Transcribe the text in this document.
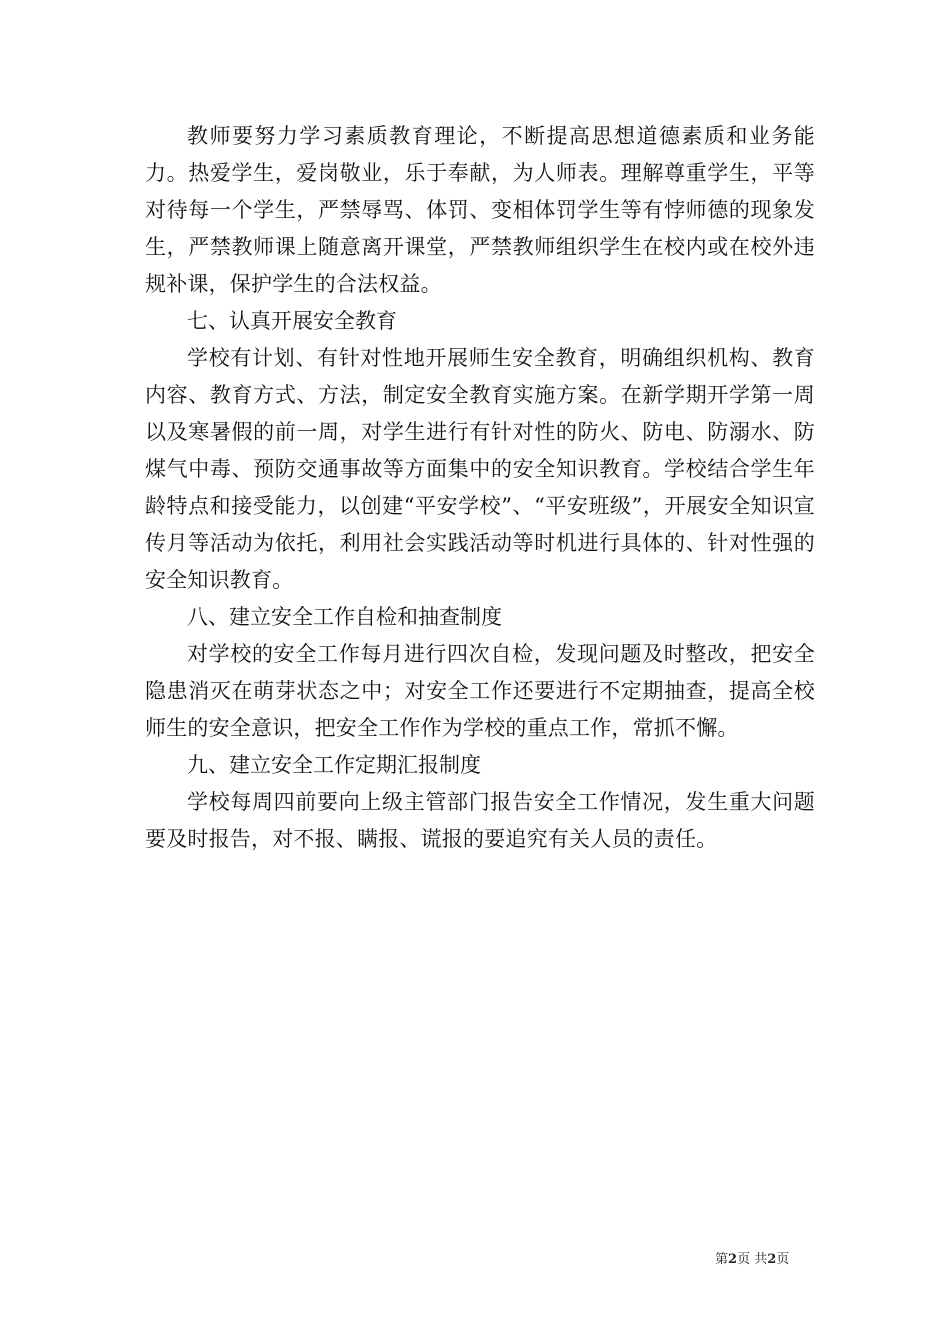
教师要努力学习素质教育理论，不断提高思想道德素质和业务能力。热爱学生，爱岗敬业，乐于奉献，为人师表。理解尊重学生，平等对待每一个学生，严禁辱骂、体罚、变相体罚学生等有悖师德的现象发生，严禁教师课上随意离开课堂，严禁教师组织学生在校内或在校外违规补课，保护学生的合法权益。

七、认真开展安全教育

学校有计划、有针对性地开展师生安全教育，明确组织机构、教育内容、教育方式、方法，制定安全教育实施方案。在新学期开学第一周以及寒暑假的前一周，对学生进行有针对性的防火、防电、防溺水、防煤气中毒、预防交通事故等方面集中的安全知识教育。学校结合学生年龄特点和接受能力，以创建“平安学校”、“平安班级”，开展安全知识宣传月等活动为依托，利用社会实践活动等时机进行具体的、针对性强的安全知识教育。

八、建立安全工作自检和抽查制度

对学校的安全工作每月进行四次自检，发现问题及时整改，把安全隐患消灭在萌芽状态之中；对安全工作还要进行不定期抽查，提高全校师生的安全意识，把安全工作作为学校的重点工作，常抓不懈。

九、建立安全工作定期汇报制度

学校每周四前要向上级主管部门报告安全工作情况，发生重大问题要及时报告，对不报、瞒报、谎报的要追究有关人员的责任。

第2页 共2页
